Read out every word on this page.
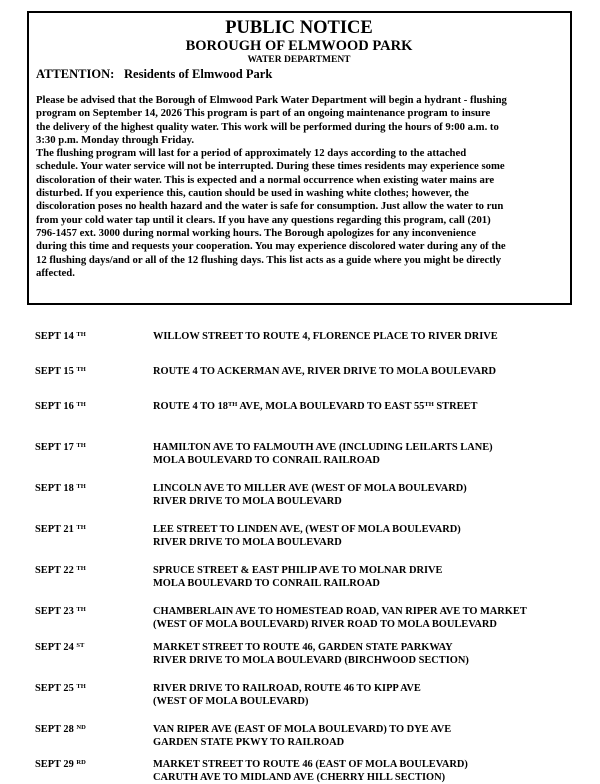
PUBLIC NOTICE
BOROUGH OF ELMWOOD PARK
WATER DEPARTMENT
ATTENTION: Residents of Elmwood Park
Please be advised that the Borough of Elmwood Park Water Department will begin a hydrant - flushing
program on September 14, 2026 This program is part of an ongoing maintenance program to insure
the delivery of the highest quality water. This work will be performed during the hours of 9:00 a.m. to
3:30 p.m. Monday through Friday.
The flushing program will last for a period of approximately 12 days according to the attached
schedule. Your water service will not be interrupted. During these times residents may experience some
discoloration of their water. This is expected and a normal occurrence when existing water mains are
disturbed. If you experience this, caution should be used in washing white clothes; however, the
discoloration poses no health hazard and the water is safe for consumption. Just allow the water to run
from your cold water tap until it clears. If you have any questions regarding this program, call (201)
796-1457 ext. 3000 during normal working hours. The Borough apologizes for any inconvenience
during this time and requests your cooperation. You may experience discolored water during any of the
12 flushing days/and or all of the 12 flushing days. This list acts as a guide where you might be directly
affected.
SEPT 14 $^{TH}$	WILLOW STREET TO ROUTE 4, FLORENCE PLACE TO RIVER DRIVE
SEPT 15 $^{TH}$	ROUTE 4 TO ACKERMAN AVE, RIVER DRIVE TO MOLA BOULEVARD
SEPT 16 $^{TH}$	ROUTE 4 TO 18TH AVE, MOLA BOULEVARD TO EAST 55TH STREET
SEPT 17 $^{TH}$	HAMILTON AVE TO FALMOUTH AVE (INCLUDING LEILARTS LANE)
MOLA BOULEVARD TO CONRAIL RAILROAD
SEPT 18 $^{TH}$	LINCOLN AVE TO MILLER AVE (WEST OF MOLA BOULEVARD)
RIVER DRIVE TO MOLA BOULEVARD
SEPT 21 $^{TH}$	LEE STREET TO LINDEN AVE, (WEST OF MOLA BOULEVARD)
RIVER DRIVE TO MOLA BOULEVARD
SEPT 22 $^{TH}$	SPRUCE STREET & EAST PHILIP AVE TO MOLNAR DRIVE
MOLA BOULEVARD TO CONRAIL RAILROAD
SEPT 23 $^{TH}$	CHAMBERLAIN AVE TO HOMESTEAD ROAD, VAN RIPER AVE TO MARKET
(WEST OF MOLA BOULEVARD) RIVER ROAD TO MOLA BOULEVARD
SEPT 24 $^{ST}$	MARKET STREET TO ROUTE 46, GARDEN STATE PARKWAY
RIVER DRIVE TO MOLA BOULEVARD (BIRCHWOOD SECTION)
SEPT 25 $^{TH}$	RIVER DRIVE TO RAILROAD, ROUTE 46 TO KIPP AVE
(WEST OF MOLA BOULEVARD)
SEPT 28 $^{ND}$	VAN RIPER AVE (EAST OF MOLA BOULEVARD) TO DYE AVE
GARDEN STATE PKWY TO RAILROAD
SEPT 29 $^{RD}$	MARKET STREET TO ROUTE 46 (EAST OF MOLA BOULEVARD)
CARUTH AVE TO MIDLAND AVE (CHERRY HILL SECTION)
